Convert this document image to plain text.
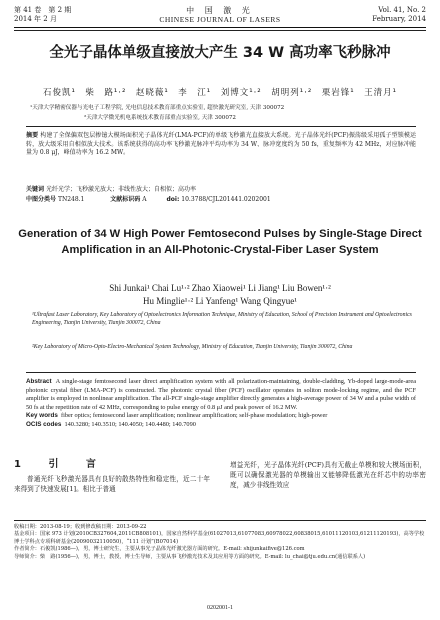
第 41 卷　第 2 期
2014 年 2 月
中 国 激 光
CHINESE JOURNAL OF LASERS
Vol. 41, No. 2
February, 2014
全光子晶体单级直接放大产生 34 W 高功率飞秒脉冲
石俊凯¹　柴　路¹·²　赵晓薇¹　李　江¹　刘博文¹·²　胡明列¹·²　栗岩锋¹　王清月¹
¹天津大学精密仪器与光电子工程学院, 光电信息技术教育部重点实验室, 超快激光研究室, 天津 300072
²天津大学微光机电系统技术教育部重点实验室, 天津 300072
摘要 构建了全保偏双包层掺镱大模场面积光子晶体光纤(LMA-PCF)的单级飞秒激光直接放大系统。光子晶体光纤(PCF)振荡级采用孤子型锁模运转，放大级采用自相似放大技术。该系统获得的高功率飞秒激光脉冲平均功率为 34 W、脉冲宽度约为 50 fs，重复频率为 42 MHz，对应脉冲能量为 0.8 μJ，峰值功率为 16.2 MW。
关键词 光纤光学；飞秒激光放大；非线性放大；自相似；高功率
中图分类号 TN248.1	文献标识码 A	doi: 10.3788/CJL201441.0202001
Generation of 34 W High Power Femtosecond Pulses by Single-Stage Direct Amplification in an All-Photonic-Crystal-Fiber Laser System
Shi Junkai¹ Chai Lu¹·² Zhao Xiaowei¹ Li Jiang¹ Liu Bowen¹·²
Hu Minglie¹·² Li Yanfeng¹ Wang Qingyue¹
¹Ultrafast Laser Laboratory, Key Laboratory of Optoelectronics Information Technique, Ministry of Education, School of Precision Instrument and Optoelectronics Engineering, Tianjin University, Tianjin 300072, China
²Key Laboratory of Micro-Opto-Electro-Mechanical System Technology, Ministry of Education, Tianjin University, Tianjin 300072, China
Abstract A single-stage femtosecond laser direct amplification system with all polarization-maintaining, double-cladding, Yb-doped large-mode-area photonic crystal fiber (LMA-PCF) is constructed. The photonic crystal fiber (PCF) oscillator operates in soliton mode-locking regime, and the PCF amplifier is employed in nonlinear amplification. The all-PCF single-stage amplifier directly generates a high-average power of 34 W and a pulse width of 50 fs at the repetition rate of 42 MHz, corresponding to pulse energy of 0.8 μJ and peak power of 16.2 MW.
Key words fiber optics; femtosecond laser amplification; nonlinear amplification; self-phase modulation; high-power
OCIS codes 140.3280; 140.3510; 140.4050; 140.4480; 140.7090
1 引 言
普通光纤飞秒激光器具有良好的散热特性和稳定性，近二十年来得到了快速发展[1]。相比于普通
增益光纤，光子晶体光纤(PCF)具有无截止单模和较大模场面积，既可以确保激光器的单模输出又能够降低激光在纤芯中的功率密度，减少非线性效应
收稿日期：2013-08-19；收到修改稿日期：2013-09-22
基金项目：国家 973 计划(2010CB327604,2011CB808101)，国家自然科学基金(61027013,61077083,60978022,60838015,61011120103,61211120193)，高等学校博士学科点专项科研基金(20090032110050)，“111 计划”(B07014)
作者简介：石俊凯(1986—)，男，博士研究生，主要从事光子晶体光纤激光器方面的研究。E-mail: shijunkaifive@126.com
导师简介：柴　路(1956—)，男，博士，教授，博士生导师，主要从事飞秒激光技术及其应用等方面的研究。E-mail: lu_chai@tju.edu.cn(通信联系人)
0202001-1
